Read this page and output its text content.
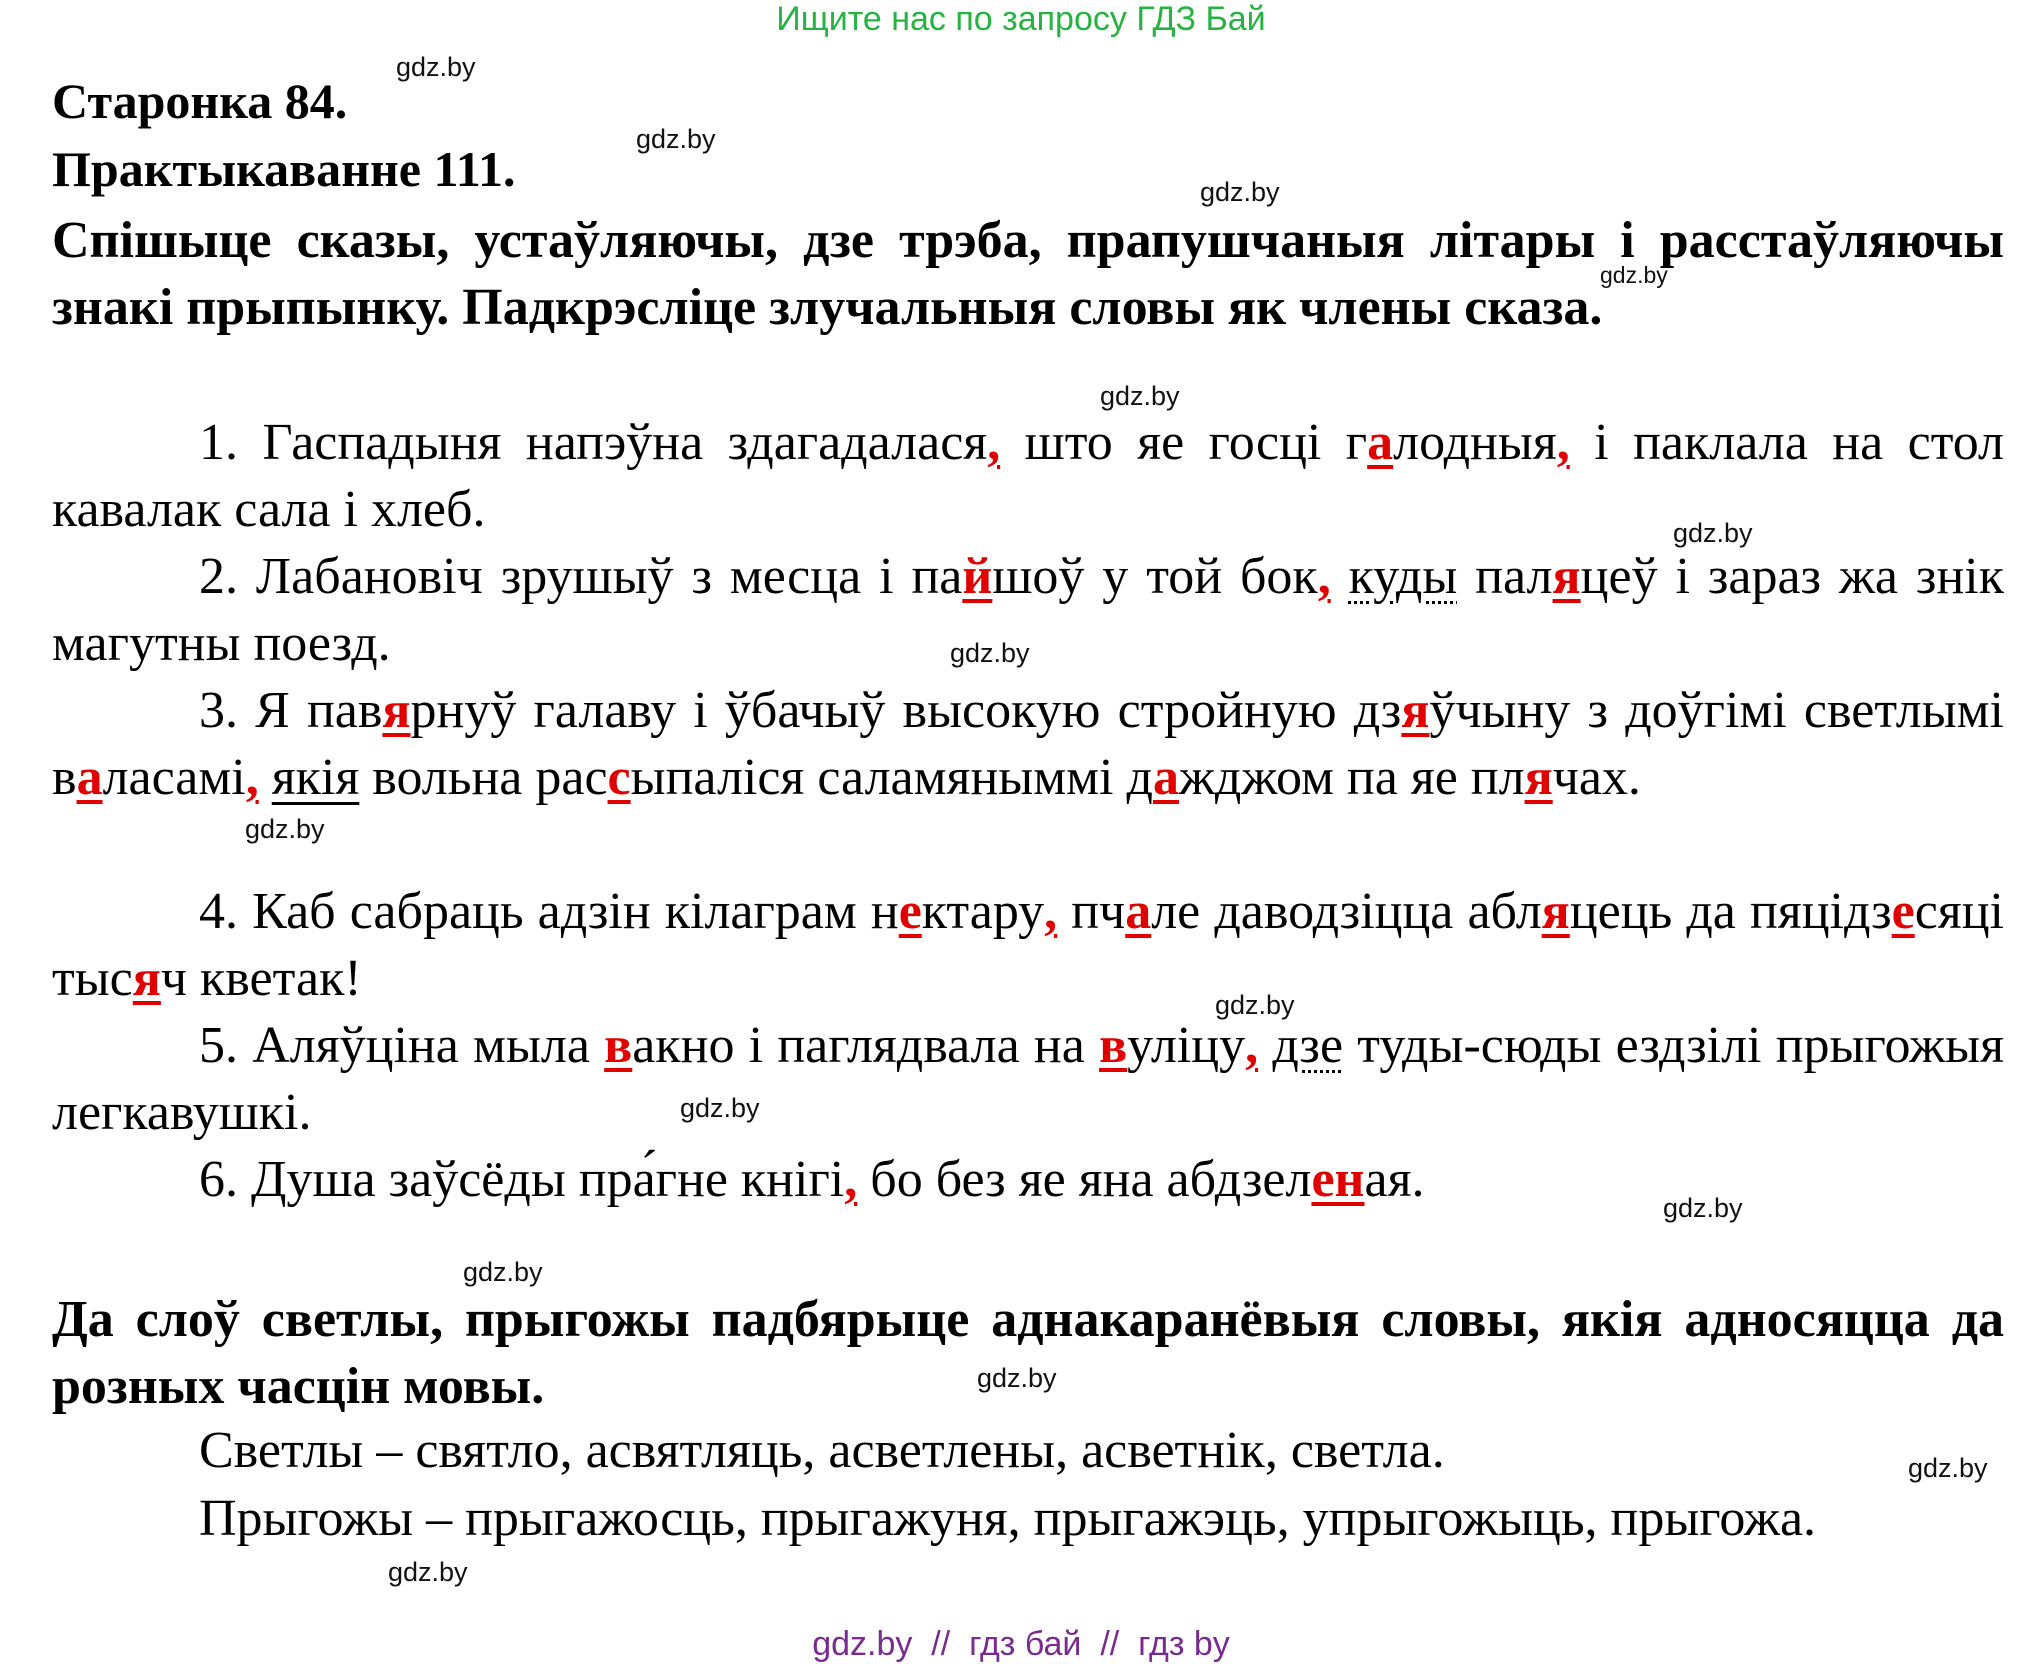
Ищите нас по запросу ГДЗ Бай
Старонка 84.
Практыкаванне 111.
Спішыце сказы, устаўляючы, дзе трэба, прапушчаныя літары і расстаўляючы знакі прыпынку. Падкрэсліце злучальныя словы як члены сказа.
1. Гаспадыня напэўна здагадалася, што яе госці галодныя, і паклала на стол кавалак сала і хлеб.
2. Лабановіч зрушыў з месца і пайшоў у той бок, куды паляцеў і зараз жа знік магутны поезд.
3. Я павярнуў галаву і ўбачыў высокую стройную дзяўчыну з доўгімі светлымі валасамі, якія вольна рассыпаліся саламяныммі дажджом па яе плячах.
4. Каб сабраць адзін кілаграм нектару, пчале даводзіцца абляцець да пяцідзесяці тысяч кветак!
5. Аляўціна мыла вакно і паглядвала на вуліцу, дзе туды-сюды ездзілі прыгожыя легкавушкі.
6. Душа заўсёды пра́гне кнігі, бо без яе яна абдзеленая.
Да слоў светлы, прыгожы падбярыце аднакаранёвыя словы, якія адносяцца да розных часцін мовы.
Светлы – святло, асвятляць, асветлены, асветнік, светла.
Прыгожы – прыгажосць, прыгажуня, прыгажэць, упрыгожыць, прыгожа.
gdz.by
gdz.by
gdz.by
gdz.by
gdz.by
gdz.by
gdz.by
gdz.by
gdz.by
gdz.by
gdz.by
gdz.by
gdz.by
gdz.by
gdz.by
gdz.by  //  гдз бай  //  гдз by
